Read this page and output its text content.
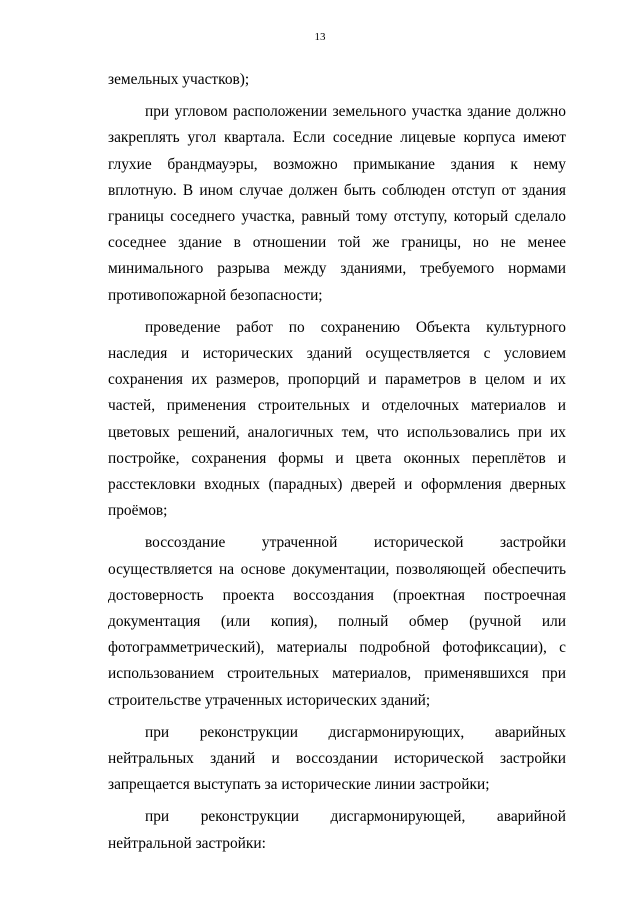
13

земельных участков);

при угловом расположении земельного участка здание должно закреплять угол квартала. Если соседние лицевые корпуса имеют глухие брандмауэры, возможно примыкание здания к нему вплотную. В ином случае должен быть соблюден отступ от здания границы соседнего участка, равный тому отступу, который сделало соседнее здание в отношении той же границы, но не менее минимального разрыва между зданиями, требуемого нормами противопожарной безопасности;

проведение работ по сохранению Объекта культурного наследия и исторических зданий осуществляется с условием сохранения их размеров, пропорций и параметров в целом и их частей, применения строительных и отделочных материалов и цветовых решений, аналогичных тем, что использовались при их постройке, сохранения формы и цвета оконных переплётов и расстекловки входных (парадных) дверей и оформления дверных проёмов;

воссоздание утраченной исторической застройки осуществляется на основе документации, позволяющей обеспечить достоверность проекта воссоздания (проектная построечная документация (или копия), полный обмер (ручной или фотограмметрический), материалы подробной фотофиксации), с использованием строительных материалов, применявшихся при строительстве утраченных исторических зданий;

при реконструкции дисгармонирующих, аварийных нейтральных зданий и воссоздании исторической застройки запрещается выступать за исторические линии застройки;

при реконструкции дисгармонирующей, аварийной нейтральной застройки:
